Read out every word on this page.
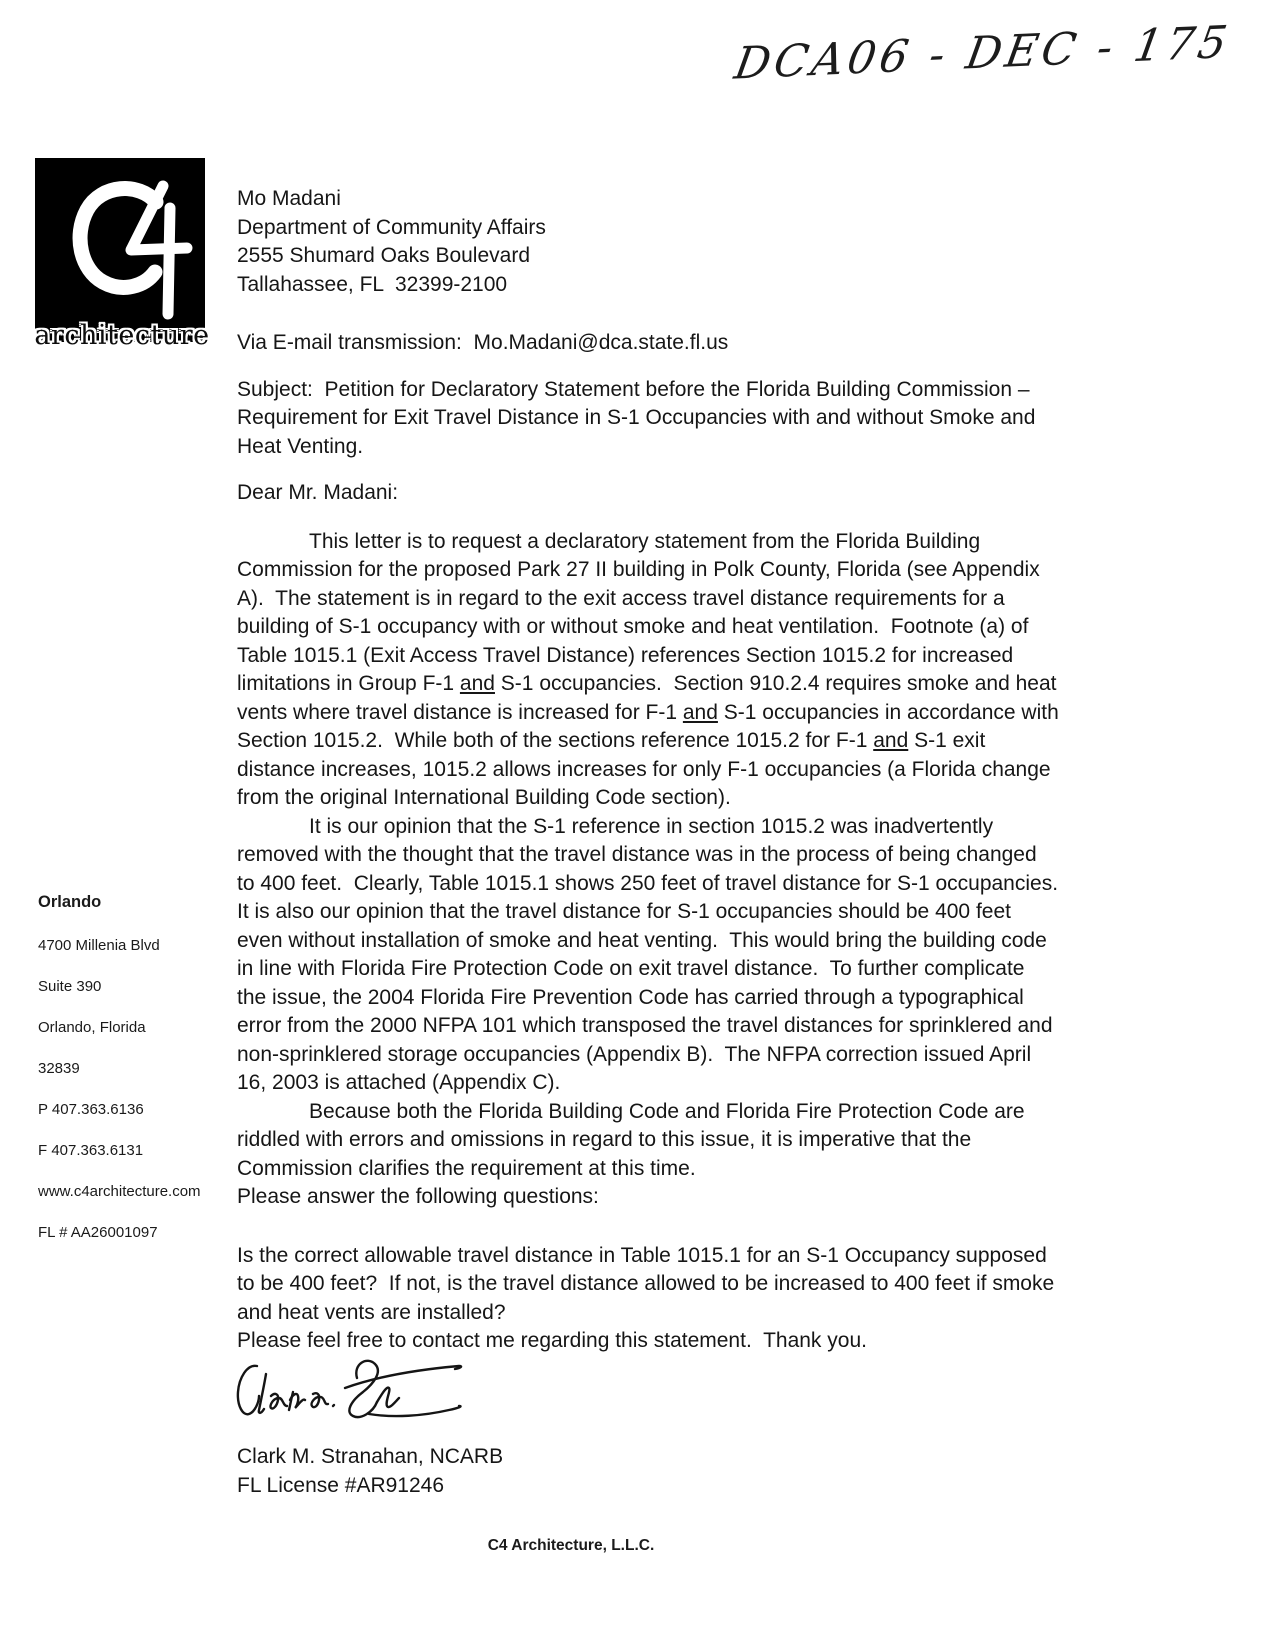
DCA06 - DEC - 175
architecture
Orlando
4700 Millenia Blvd
Suite 390
Orlando, Florida
32839
P 407.363.6136
F 407.363.6131
www.c4architecture.com
FL # AA26001097
Mo Madani
Department of Community Affairs
2555 Shumard Oaks Boulevard
Tallahassee, FL  32399-2100
Via E-mail transmission:  Mo.Madani@dca.state.fl.us
Subject:  Petition for Declaratory Statement before the Florida Building Commission – Requirement for Exit Travel Distance in S-1 Occupancies with and without Smoke and Heat Venting.
Dear Mr. Madani:
This letter is to request a declaratory statement from the Florida Building Commission for the proposed Park 27 II building in Polk County, Florida (see Appendix A).  The statement is in regard to the exit access travel distance requirements for a building of S-1 occupancy with or without smoke and heat ventilation.  Footnote (a) of Table 1015.1 (Exit Access Travel Distance) references Section 1015.2 for increased limitations in Group F-1 and S-1 occupancies.  Section 910.2.4 requires smoke and heat vents where travel distance is increased for F-1 and S-1 occupancies in accordance with Section 1015.2.  While both of the sections reference 1015.2 for F-1 and S-1 exit distance increases, 1015.2 allows increases for only F-1 occupancies (a Florida change from the original International Building Code section).
It is our opinion that the S-1 reference in section 1015.2 was inadvertently removed with the thought that the travel distance was in the process of being changed to 400 feet.  Clearly, Table 1015.1 shows 250 feet of travel distance for S-1 occupancies.  It is also our opinion that the travel distance for S-1 occupancies should be 400 feet even without installation of smoke and heat venting.  This would bring the building code in line with Florida Fire Protection Code on exit travel distance.  To further complicate the issue, the 2004 Florida Fire Prevention Code has carried through a typographical error from the 2000 NFPA 101 which transposed the travel distances for sprinklered and non-sprinklered storage occupancies (Appendix B).  The NFPA correction issued April 16, 2003 is attached (Appendix C).
Because both the Florida Building Code and Florida Fire Protection Code are riddled with errors and omissions in regard to this issue, it is imperative that the Commission clarifies the requirement at this time.
Please answer the following questions:
Is the correct allowable travel distance in Table 1015.1 for an S-1 Occupancy supposed to be 400 feet?  If not, is the travel distance allowed to be increased to 400 feet if smoke and heat vents are installed?
Please feel free to contact me regarding this statement.  Thank you.
Clark M. Stranahan, NCARB
FL License #AR91246
C4 Architecture, L.L.C.
